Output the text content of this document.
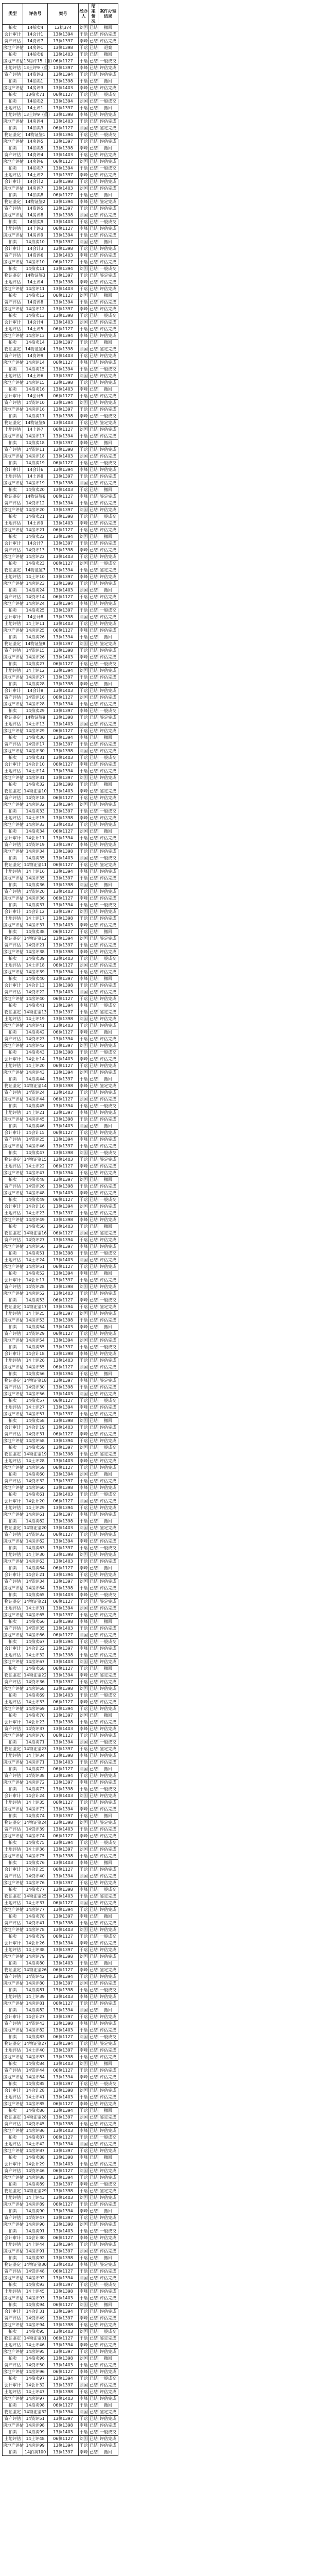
类型	评估号	案号	经办人	结案情况	案件办理结果
拍卖	14拍卖4	12执374	刘国	已结	撤回
会计审计	14会计1	13执1394	于晗	已结	评估完成
资产评估	14资评7	13执1397	李峰	已结	评估完成
房地产评估	14房评1	13执1398	于晗	已结	退案
拍卖	14拍卖6	13执1403	于晗	已结	撤回
房地产评估	13房评15（重）	06执1127	于晗	已结	一般成交
土地评估	13土评9（重）	13执1397	李峰	已结	评估完成
资产评估	14资评3	13执1394	于晗	已结	评估完成
拍卖	14拍卖1	13执1398	于晗	已结	撤回
房地产评估	14房评3	13执1403	李峰	已结	评估完成
拍卖	13拍卖71	06执1127	于晗	已结	一般成交
拍卖	14拍卖2	13执1394	刘国	已结	一般成交
土地评估	14土评1	13执1397	于晗	已结	撤回
土地评估	13土评9（重）	13执1398	李峰	已结	评估完成
房地产评估	14房评4	13执1403	于晗	已结	评估完成
拍卖	14拍卖3	06执1127	刘国	已结	鉴定完成
物证鉴定	14物证鉴1	13执1394	于晗	已结	一般成交
房地产评估	14房评5	13执1397	于晗	已结	评估完成
拍卖	14拍卖5	13执1398	李峰	已结	撤回
资产评估	14资评4	13执1403	于晗	已结	评估完成
房地产评估	14房评6	06执1127	刘国	已结	评估完成
拍卖	14拍卖7	13执1394	于晗	已结	一般成交
土地评估	14土评2	13执1397	李峰	已结	评估完成
会计审计	14会计2	13执1398	于晗	已结	评估完成
房地产评估	14房评7	13执1403	刘国	已结	评估完成
拍卖	14拍卖8	06执1127	于晗	已结	撤回
物证鉴定	14物证鉴2	13执1394	李峰	已结	鉴定完成
资产评估	14资评5	13执1397	于晗	已结	评估完成
房地产评估	14房评8	13执1398	刘国	已结	评估完成
拍卖	14拍卖9	13执1403	于晗	已结	一般成交
土地评估	14土评3	06执1127	李峰	已结	评估完成
房地产评估	14房评9	13执1394	于晗	已结	评估完成
拍卖	14拍卖10	13执1397	刘国	已结	撤回
会计审计	14会计3	13执1398	于晗	已结	评估完成
资产评估	14资评6	13执1403	李峰	已结	评估完成
房地产评估	14房评10	06执1127	于晗	已结	评估完成
拍卖	14拍卖11	13执1394	刘国	已结	一般成交
物证鉴定	14物证鉴3	13执1397	于晗	已结	鉴定完成
土地评估	14土评4	13执1398	李峰	已结	评估完成
房地产评估	14房评11	13执1403	于晗	已结	评估完成
拍卖	14拍卖12	06执1127	刘国	已结	撤回
资产评估	14资评8	13执1394	于晗	已结	评估完成
房地产评估	14房评12	13执1397	李峰	已结	评估完成
拍卖	14拍卖13	13执1398	于晗	已结	一般成交
会计审计	14会计4	13执1403	刘国	已结	评估完成
土地评估	14土评5	06执1127	于晗	已结	评估完成
房地产评估	14房评13	13执1394	李峰	已结	评估完成
拍卖	14拍卖14	13执1397	于晗	已结	撤回
物证鉴定	14物证鉴4	13执1398	刘国	已结	鉴定完成
资产评估	14资评9	13执1403	于晗	已结	评估完成
房地产评估	14房评14	06执1127	李峰	已结	评估完成
拍卖	14拍卖15	13执1394	于晗	已结	一般成交
土地评估	14土评6	13执1397	刘国	已结	评估完成
房地产评估	14房评15	13执1398	于晗	已结	评估完成
拍卖	14拍卖16	13执1403	李峰	已结	撤回
会计审计	14会计5	06执1127	于晗	已结	评估完成
资产评估	14资评10	13执1394	刘国	已结	评估完成
房地产评估	14房评16	13执1397	于晗	已结	评估完成
拍卖	14拍卖17	13执1398	李峰	已结	一般成交
物证鉴定	14物证鉴5	13执1403	于晗	已结	鉴定完成
土地评估	14土评7	06执1127	刘国	已结	评估完成
房地产评估	14房评17	13执1394	于晗	已结	评估完成
拍卖	14拍卖18	13执1397	李峰	已结	撤回
资产评估	14资评11	13执1398	于晗	已结	评估完成
房地产评估	14房评18	13执1403	刘国	已结	评估完成
拍卖	14拍卖19	06执1127	于晗	已结	一般成交
会计审计	14会计6	13执1394	李峰	已结	评估完成
土地评估	14土评8	13执1397	于晗	已结	评估完成
房地产评估	14房评19	13执1398	刘国	已结	评估完成
拍卖	14拍卖20	13执1403	于晗	已结	撤回
物证鉴定	14物证鉴6	06执1127	李峰	已结	鉴定完成
资产评估	14资评12	13执1394	于晗	已结	评估完成
房地产评估	14房评20	13执1397	刘国	已结	评估完成
拍卖	14拍卖21	13执1398	于晗	已结	一般成交
土地评估	14土评9	13执1403	李峰	已结	评估完成
房地产评估	14房评21	06执1127	于晗	已结	评估完成
拍卖	14拍卖22	13执1394	刘国	已结	撤回
会计审计	14会计7	13执1397	于晗	已结	评估完成
资产评估	14资评13	13执1398	李峰	已结	评估完成
房地产评估	14房评22	13执1403	于晗	已结	评估完成
拍卖	14拍卖23	06执1127	刘国	已结	一般成交
物证鉴定	14物证鉴7	13执1394	于晗	已结	鉴定完成
土地评估	14土评10	13执1397	李峰	已结	评估完成
房地产评估	14房评23	13执1398	于晗	已结	评估完成
拍卖	14拍卖24	13执1403	刘国	已结	撤回
资产评估	14资评14	06执1127	于晗	已结	评估完成
房地产评估	14房评24	13执1394	李峰	已结	评估完成
拍卖	14拍卖25	13执1397	于晗	已结	一般成交
会计审计	14会计8	13执1398	刘国	已结	评估完成
土地评估	14土评11	13执1403	于晗	已结	评估完成
房地产评估	14房评25	06执1127	李峰	已结	评估完成
拍卖	14拍卖26	13执1394	于晗	已结	撤回
物证鉴定	14物证鉴8	13执1397	刘国	已结	鉴定完成
资产评估	14资评15	13执1398	于晗	已结	评估完成
房地产评估	14房评26	13执1403	李峰	已结	评估完成
拍卖	14拍卖27	06执1127	于晗	已结	一般成交
土地评估	14土评12	13执1394	刘国	已结	评估完成
房地产评估	14房评27	13执1397	于晗	已结	评估完成
拍卖	14拍卖28	13执1398	李峰	已结	撤回
会计审计	14会计9	13执1403	于晗	已结	评估完成
资产评估	14资评16	06执1127	刘国	已结	评估完成
房地产评估	14房评28	13执1394	于晗	已结	评估完成
拍卖	14拍卖29	13执1397	李峰	已结	一般成交
物证鉴定	14物证鉴9	13执1398	于晗	已结	鉴定完成
土地评估	14土评13	13执1403	刘国	已结	评估完成
房地产评估	14房评29	06执1127	于晗	已结	评估完成
拍卖	14拍卖30	13执1394	李峰	已结	撤回
资产评估	14资评17	13执1397	于晗	已结	评估完成
房地产评估	14房评30	13执1398	刘国	已结	评估完成
拍卖	14拍卖31	13执1403	于晗	已结	一般成交
会计审计	14会计10	06执1127	李峰	已结	评估完成
土地评估	14土评14	13执1394	于晗	已结	评估完成
房地产评估	14房评31	13执1397	刘国	已结	评估完成
拍卖	14拍卖32	13执1398	于晗	已结	撤回
物证鉴定	14物证鉴10	13执1403	李峰	已结	鉴定完成
资产评估	14资评18	06执1127	于晗	已结	评估完成
房地产评估	14房评32	13执1394	刘国	已结	评估完成
拍卖	14拍卖33	13执1397	于晗	已结	一般成交
土地评估	14土评15	13执1398	李峰	已结	评估完成
房地产评估	14房评33	13执1403	于晗	已结	评估完成
拍卖	14拍卖34	06执1127	刘国	已结	撤回
会计审计	14会计11	13执1394	于晗	已结	评估完成
资产评估	14资评19	13执1397	李峰	已结	评估完成
房地产评估	14房评34	13执1398	于晗	已结	评估完成
拍卖	14拍卖35	13执1403	刘国	已结	一般成交
物证鉴定	14物证鉴11	06执1127	于晗	已结	鉴定完成
土地评估	14土评16	13执1394	李峰	已结	评估完成
房地产评估	14房评35	13执1397	于晗	已结	评估完成
拍卖	14拍卖36	13执1398	刘国	已结	撤回
资产评估	14资评20	13执1403	于晗	已结	评估完成
房地产评估	14房评36	06执1127	李峰	已结	评估完成
拍卖	14拍卖37	13执1394	于晗	已结	一般成交
会计审计	14会计12	13执1397	刘国	已结	评估完成
土地评估	14土评17	13执1398	于晗	已结	评估完成
房地产评估	14房评37	13执1403	李峰	已结	评估完成
拍卖	14拍卖38	06执1127	于晗	已结	撤回
物证鉴定	14物证鉴12	13执1394	刘国	已结	鉴定完成
资产评估	14资评21	13执1397	于晗	已结	评估完成
房地产评估	14房评38	13执1398	李峰	已结	评估完成
拍卖	14拍卖39	13执1403	于晗	已结	一般成交
土地评估	14土评18	06执1127	刘国	已结	评估完成
房地产评估	14房评39	13执1394	于晗	已结	评估完成
拍卖	14拍卖40	13执1397	李峰	已结	撤回
会计审计	14会计13	13执1398	于晗	已结	评估完成
资产评估	14资评22	13执1403	刘国	已结	评估完成
房地产评估	14房评40	06执1127	于晗	已结	评估完成
拍卖	14拍卖41	13执1394	李峰	已结	一般成交
物证鉴定	14物证鉴13	13执1397	于晗	已结	鉴定完成
土地评估	14土评19	13执1398	刘国	已结	评估完成
房地产评估	14房评41	13执1403	于晗	已结	评估完成
拍卖	14拍卖42	06执1127	李峰	已结	撤回
资产评估	14资评23	13执1394	于晗	已结	评估完成
房地产评估	14房评42	13执1397	刘国	已结	评估完成
拍卖	14拍卖43	13执1398	于晗	已结	一般成交
会计审计	14会计14	13执1403	李峰	已结	评估完成
土地评估	14土评20	06执1127	于晗	已结	评估完成
房地产评估	14房评43	13执1394	刘国	已结	评估完成
拍卖	14拍卖44	13执1397	于晗	已结	撤回
物证鉴定	14物证鉴14	13执1398	李峰	已结	鉴定完成
资产评估	14资评24	13执1403	于晗	已结	评估完成
房地产评估	14房评44	06执1127	刘国	已结	评估完成
拍卖	14拍卖45	13执1394	于晗	已结	一般成交
土地评估	14土评21	13执1397	李峰	已结	评估完成
房地产评估	14房评45	13执1398	于晗	已结	评估完成
拍卖	14拍卖46	13执1403	刘国	已结	撤回
会计审计	14会计15	06执1127	于晗	已结	评估完成
资产评估	14资评25	13执1394	李峰	已结	评估完成
房地产评估	14房评46	13执1397	于晗	已结	评估完成
拍卖	14拍卖47	13执1398	刘国	已结	一般成交
物证鉴定	14物证鉴15	13执1403	于晗	已结	鉴定完成
土地评估	14土评22	06执1127	李峰	已结	评估完成
房地产评估	14房评47	13执1394	于晗	已结	评估完成
拍卖	14拍卖48	13执1397	刘国	已结	撤回
资产评估	14资评26	13执1398	于晗	已结	评估完成
房地产评估	14房评48	13执1403	李峰	已结	评估完成
拍卖	14拍卖49	06执1127	于晗	已结	一般成交
会计审计	14会计16	13执1394	刘国	已结	评估完成
土地评估	14土评23	13执1397	于晗	已结	评估完成
房地产评估	14房评49	13执1398	李峰	已结	评估完成
拍卖	14拍卖50	13执1403	于晗	已结	撤回
物证鉴定	14物证鉴16	06执1127	刘国	已结	鉴定完成
资产评估	14资评27	13执1394	于晗	已结	评估完成
房地产评估	14房评50	13执1397	李峰	已结	评估完成
拍卖	14拍卖51	13执1398	于晗	已结	一般成交
土地评估	14土评24	13执1403	刘国	已结	评估完成
房地产评估	14房评51	06执1127	于晗	已结	评估完成
拍卖	14拍卖52	13执1394	李峰	已结	撤回
会计审计	14会计17	13执1397	于晗	已结	评估完成
资产评估	14资评28	13执1398	刘国	已结	评估完成
房地产评估	14房评52	13执1403	于晗	已结	评估完成
拍卖	14拍卖53	06执1127	李峰	已结	一般成交
物证鉴定	14物证鉴17	13执1394	于晗	已结	鉴定完成
土地评估	14土评25	13执1397	刘国	已结	评估完成
房地产评估	14房评53	13执1398	于晗	已结	评估完成
拍卖	14拍卖54	13执1403	李峰	已结	撤回
资产评估	14资评29	06执1127	于晗	已结	评估完成
房地产评估	14房评54	13执1394	刘国	已结	评估完成
拍卖	14拍卖55	13执1397	于晗	已结	一般成交
会计审计	14会计18	13执1398	李峰	已结	评估完成
土地评估	14土评26	13执1403	于晗	已结	评估完成
房地产评估	14房评55	06执1127	刘国	已结	评估完成
拍卖	14拍卖56	13执1394	于晗	已结	撤回
物证鉴定	14物证鉴18	13执1397	李峰	已结	鉴定完成
资产评估	14资评30	13执1398	于晗	已结	评估完成
房地产评估	14房评56	13执1403	刘国	已结	评估完成
拍卖	14拍卖57	06执1127	于晗	已结	一般成交
土地评估	14土评27	13执1394	李峰	已结	评估完成
房地产评估	14房评57	13执1397	于晗	已结	评估完成
拍卖	14拍卖58	13执1398	刘国	已结	撤回
会计审计	14会计19	13执1403	于晗	已结	评估完成
资产评估	14资评31	06执1127	李峰	已结	评估完成
房地产评估	14房评58	13执1394	于晗	已结	评估完成
拍卖	14拍卖59	13执1397	刘国	已结	一般成交
物证鉴定	14物证鉴19	13执1398	于晗	已结	鉴定完成
土地评估	14土评28	13执1403	李峰	已结	评估完成
房地产评估	14房评59	06执1127	于晗	已结	评估完成
拍卖	14拍卖60	13执1394	刘国	已结	撤回
资产评估	14资评32	13执1397	于晗	已结	评估完成
房地产评估	14房评60	13执1398	李峰	已结	评估完成
拍卖	14拍卖61	13执1403	于晗	已结	一般成交
会计审计	14会计20	06执1127	刘国	已结	评估完成
土地评估	14土评29	13执1394	于晗	已结	评估完成
房地产评估	14房评61	13执1397	李峰	已结	评估完成
拍卖	14拍卖62	13执1398	于晗	已结	撤回
物证鉴定	14物证鉴20	13执1403	刘国	已结	鉴定完成
资产评估	14资评33	06执1127	于晗	已结	评估完成
房地产评估	14房评62	13执1394	李峰	已结	评估完成
拍卖	14拍卖63	13执1397	于晗	已结	一般成交
土地评估	14土评30	13执1398	刘国	已结	评估完成
房地产评估	14房评63	13执1403	于晗	已结	评估完成
拍卖	14拍卖64	06执1127	李峰	已结	撤回
会计审计	14会计21	13执1394	于晗	已结	评估完成
资产评估	14资评34	13执1397	刘国	已结	评估完成
房地产评估	14房评64	13执1398	于晗	已结	评估完成
拍卖	14拍卖65	13执1403	李峰	已结	一般成交
物证鉴定	14物证鉴21	06执1127	于晗	已结	鉴定完成
土地评估	14土评31	13执1394	刘国	已结	评估完成
房地产评估	14房评65	13执1397	于晗	已结	评估完成
拍卖	14拍卖66	13执1398	李峰	已结	撤回
资产评估	14资评35	13执1403	于晗	已结	评估完成
房地产评估	14房评66	06执1127	刘国	已结	评估完成
拍卖	14拍卖67	13执1394	于晗	已结	一般成交
会计审计	14会计22	13执1397	李峰	已结	评估完成
土地评估	14土评32	13执1398	于晗	已结	评估完成
房地产评估	14房评67	13执1403	刘国	已结	评估完成
拍卖	14拍卖68	06执1127	于晗	已结	撤回
物证鉴定	14物证鉴22	13执1394	李峰	已结	鉴定完成
资产评估	14资评36	13执1397	于晗	已结	评估完成
房地产评估	14房评68	13执1398	刘国	已结	评估完成
拍卖	14拍卖69	13执1403	于晗	已结	一般成交
土地评估	14土评33	06执1127	李峰	已结	评估完成
房地产评估	14房评69	13执1394	于晗	已结	评估完成
拍卖	14拍卖70	13执1397	刘国	已结	撤回
会计审计	14会计23	13执1398	于晗	已结	评估完成
资产评估	14资评37	13执1403	李峰	已结	评估完成
房地产评估	14房评70	06执1127	于晗	已结	评估完成
拍卖	14拍卖71	13执1394	刘国	已结	一般成交
物证鉴定	14物证鉴23	13执1397	于晗	已结	鉴定完成
土地评估	14土评34	13执1398	李峰	已结	评估完成
房地产评估	14房评71	13执1403	于晗	已结	评估完成
拍卖	14拍卖72	06执1127	刘国	已结	撤回
资产评估	14资评38	13执1394	于晗	已结	评估完成
房地产评估	14房评72	13执1397	李峰	已结	评估完成
拍卖	14拍卖73	13执1398	于晗	已结	一般成交
会计审计	14会计24	13执1403	刘国	已结	评估完成
土地评估	14土评35	06执1127	于晗	已结	评估完成
房地产评估	14房评73	13执1394	李峰	已结	评估完成
拍卖	14拍卖74	13执1397	于晗	已结	撤回
物证鉴定	14物证鉴24	13执1398	刘国	已结	鉴定完成
资产评估	14资评39	13执1403	于晗	已结	评估完成
房地产评估	14房评74	06执1127	李峰	已结	评估完成
拍卖	14拍卖75	13执1394	于晗	已结	一般成交
土地评估	14土评36	13执1397	刘国	已结	评估完成
房地产评估	14房评75	13执1398	于晗	已结	评估完成
拍卖	14拍卖76	13执1403	李峰	已结	撤回
会计审计	14会计25	06执1127	于晗	已结	评估完成
资产评估	14资评40	13执1394	刘国	已结	评估完成
房地产评估	14房评76	13执1397	于晗	已结	评估完成
拍卖	14拍卖77	13执1398	李峰	已结	一般成交
物证鉴定	14物证鉴25	13执1403	于晗	已结	鉴定完成
土地评估	14土评37	06执1127	刘国	已结	评估完成
房地产评估	14房评77	13执1394	于晗	已结	评估完成
拍卖	14拍卖78	13执1397	李峰	已结	撤回
资产评估	14资评41	13执1398	于晗	已结	评估完成
房地产评估	14房评78	13执1403	刘国	已结	评估完成
拍卖	14拍卖79	06执1127	于晗	已结	一般成交
会计审计	14会计26	13执1394	李峰	已结	评估完成
土地评估	14土评38	13执1397	于晗	已结	评估完成
房地产评估	14房评79	13执1398	刘国	已结	评估完成
拍卖	14拍卖80	13执1403	于晗	已结	撤回
物证鉴定	14物证鉴26	06执1127	李峰	已结	鉴定完成
资产评估	14资评42	13执1394	于晗	已结	评估完成
房地产评估	14房评80	13执1397	刘国	已结	评估完成
拍卖	14拍卖81	13执1398	于晗	已结	一般成交
土地评估	14土评39	13执1403	李峰	已结	评估完成
房地产评估	14房评81	06执1127	于晗	已结	评估完成
拍卖	14拍卖82	13执1394	刘国	已结	撤回
会计审计	14会计27	13执1397	于晗	已结	评估完成
资产评估	14资评43	13执1398	李峰	已结	评估完成
房地产评估	14房评82	13执1403	于晗	已结	评估完成
拍卖	14拍卖83	06执1127	刘国	已结	一般成交
物证鉴定	14物证鉴27	13执1394	于晗	已结	鉴定完成
土地评估	14土评40	13执1397	李峰	已结	评估完成
房地产评估	14房评83	13执1398	于晗	已结	评估完成
拍卖	14拍卖84	13执1403	刘国	已结	撤回
资产评估	14资评44	06执1127	于晗	已结	评估完成
房地产评估	14房评84	13执1394	李峰	已结	评估完成
拍卖	14拍卖85	13执1397	于晗	已结	一般成交
会计审计	14会计28	13执1398	刘国	已结	评估完成
土地评估	14土评41	13执1403	于晗	已结	评估完成
房地产评估	14房评85	06执1127	李峰	已结	评估完成
拍卖	14拍卖86	13执1394	于晗	已结	撤回
物证鉴定	14物证鉴28	13执1397	刘国	已结	鉴定完成
资产评估	14资评45	13执1398	于晗	已结	评估完成
房地产评估	14房评86	13执1403	李峰	已结	评估完成
拍卖	14拍卖87	06执1127	于晗	已结	一般成交
土地评估	14土评42	13执1394	刘国	已结	评估完成
房地产评估	14房评87	13执1397	于晗	已结	评估完成
拍卖	14拍卖88	13执1398	李峰	已结	撤回
会计审计	14会计29	13执1403	于晗	已结	评估完成
资产评估	14资评46	06执1127	刘国	已结	评估完成
房地产评估	14房评88	13执1394	于晗	已结	评估完成
拍卖	14拍卖89	13执1397	李峰	已结	一般成交
物证鉴定	14物证鉴29	13执1398	于晗	已结	鉴定完成
土地评估	14土评43	13执1403	刘国	已结	评估完成
房地产评估	14房评89	06执1127	于晗	已结	评估完成
拍卖	14拍卖90	13执1394	李峰	已结	撤回
资产评估	14资评47	13执1397	于晗	已结	评估完成
房地产评估	14房评90	13执1398	刘国	已结	评估完成
拍卖	14拍卖91	13执1403	于晗	已结	一般成交
会计审计	14会计30	06执1127	李峰	已结	评估完成
土地评估	14土评44	13执1394	于晗	已结	评估完成
房地产评估	14房评91	13执1397	刘国	已结	评估完成
拍卖	14拍卖92	13执1398	于晗	已结	撤回
物证鉴定	14物证鉴30	13执1403	李峰	已结	鉴定完成
资产评估	14资评48	06执1127	于晗	已结	评估完成
房地产评估	14房评92	13执1394	刘国	已结	评估完成
拍卖	14拍卖93	13执1397	于晗	已结	一般成交
土地评估	14土评45	13执1398	李峰	已结	评估完成
房地产评估	14房评93	13执1403	于晗	已结	评估完成
拍卖	14拍卖94	06执1127	刘国	已结	撤回
会计审计	14会计31	13执1394	于晗	已结	评估完成
资产评估	14资评49	13执1397	李峰	已结	评估完成
房地产评估	14房评94	13执1398	于晗	已结	评估完成
拍卖	14拍卖95	13执1403	刘国	已结	一般成交
物证鉴定	14物证鉴31	06执1127	于晗	已结	鉴定完成
土地评估	14土评46	13执1394	李峰	已结	评估完成
房地产评估	14房评95	13执1397	于晗	已结	评估完成
拍卖	14拍卖96	13执1398	刘国	已结	撤回
资产评估	14资评50	13执1403	于晗	已结	评估完成
房地产评估	14房评96	06执1127	李峰	已结	评估完成
拍卖	14拍卖97	13执1394	于晗	已结	一般成交
会计审计	14会计32	13执1397	刘国	已结	评估完成
土地评估	14土评47	13执1398	于晗	已结	评估完成
房地产评估	14房评97	13执1403	李峰	已结	评估完成
拍卖	14拍卖98	06执1127	于晗	已结	撤回
物证鉴定	14物证鉴32	13执1394	刘国	已结	鉴定完成
资产评估	14资评51	13执1397	于晗	已结	评估完成
房地产评估	14房评98	13执1398	李峰	已结	评估完成
拍卖	14拍卖99	13执1403	于晗	已结	一般成交
土地评估	14土评48	06执1127	刘国	已结	评估完成
房地产评估	14房评99	13执1394	于晗	已结	评估完成
拍卖	14拍卖100	13执1397	李峰	已结	撤回
